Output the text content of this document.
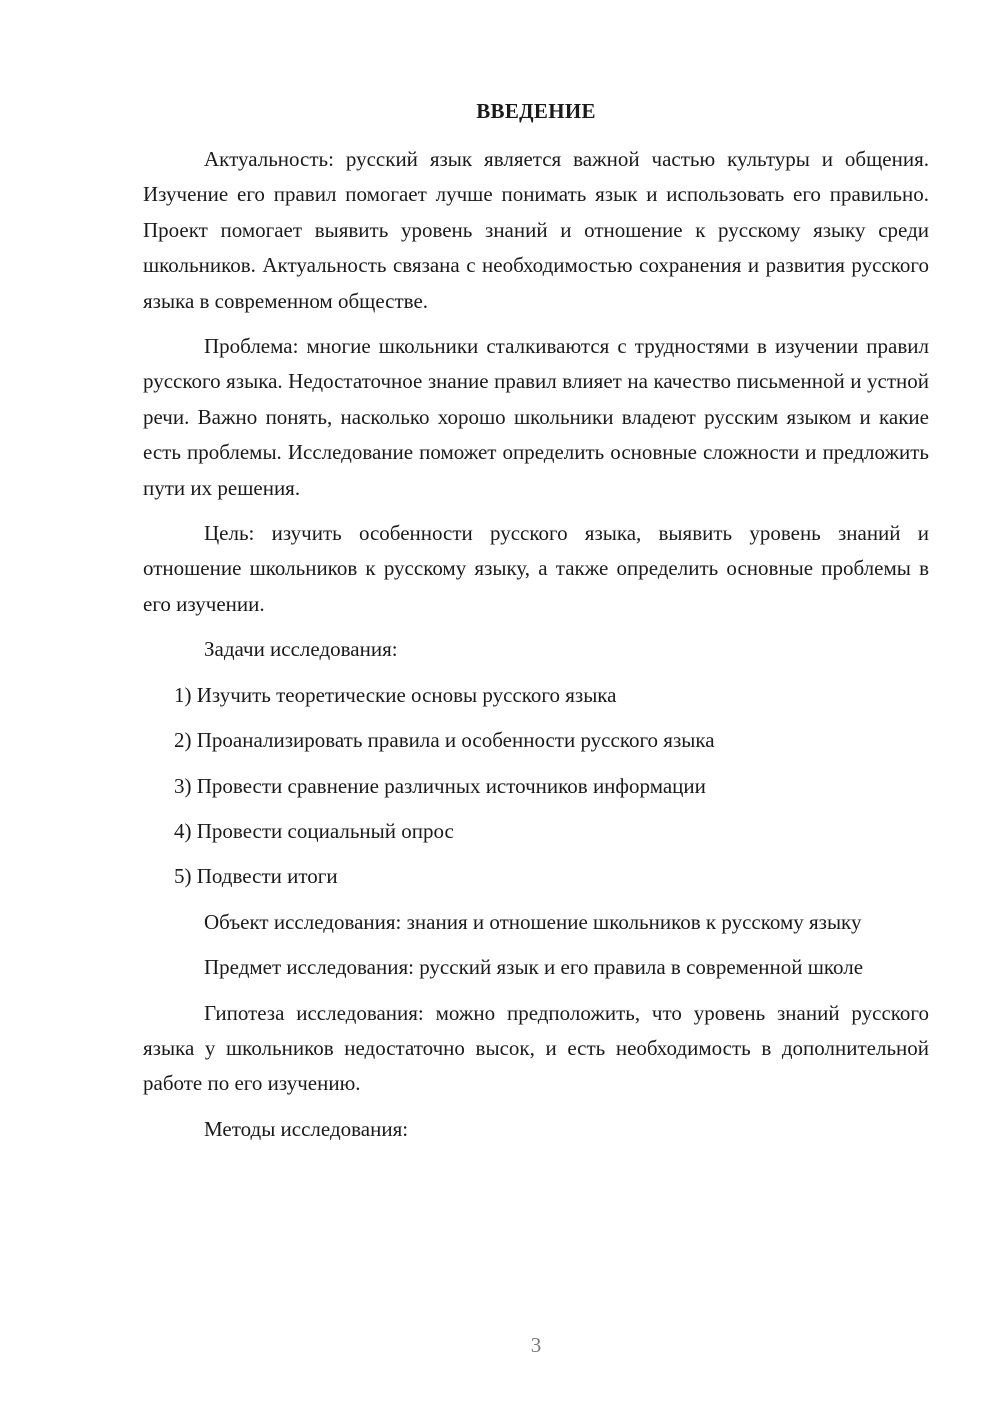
ВВЕДЕНИЕ

Актуальность: русский язык является важной частью культуры и общения. Изучение его правил помогает лучше понимать язык и использовать его правильно. Проект помогает выявить уровень знаний и отношение к русскому языку среди школьников. Актуальность связана с необходимостью сохранения и развития русского языка в современном обществе.

Проблема: многие школьники сталкиваются с трудностями в изучении правил русского языка. Недостаточное знание правил влияет на качество письменной и устной речи. Важно понять, насколько хорошо школьники владеют русским языком и какие есть проблемы. Исследование поможет определить основные сложности и предложить пути их решения.

Цель: изучить особенности русского языка, выявить уровень знаний и отношение школьников к русскому языку, а также определить основные проблемы в его изучении.

Задачи исследования:

1) Изучить теоретические основы русского языка
2) Проанализировать правила и особенности русского языка
3) Провести сравнение различных источников информации
4) Провести социальный опрос
5) Подвести итоги

Объект исследования: знания и отношение школьников к русскому языку

Предмет исследования: русский язык и его правила в современной школе

Гипотеза исследования: можно предположить, что уровень знаний русского языка у школьников недостаточно высок, и есть необходимость в дополнительной работе по его изучению.

Методы исследования:

3
